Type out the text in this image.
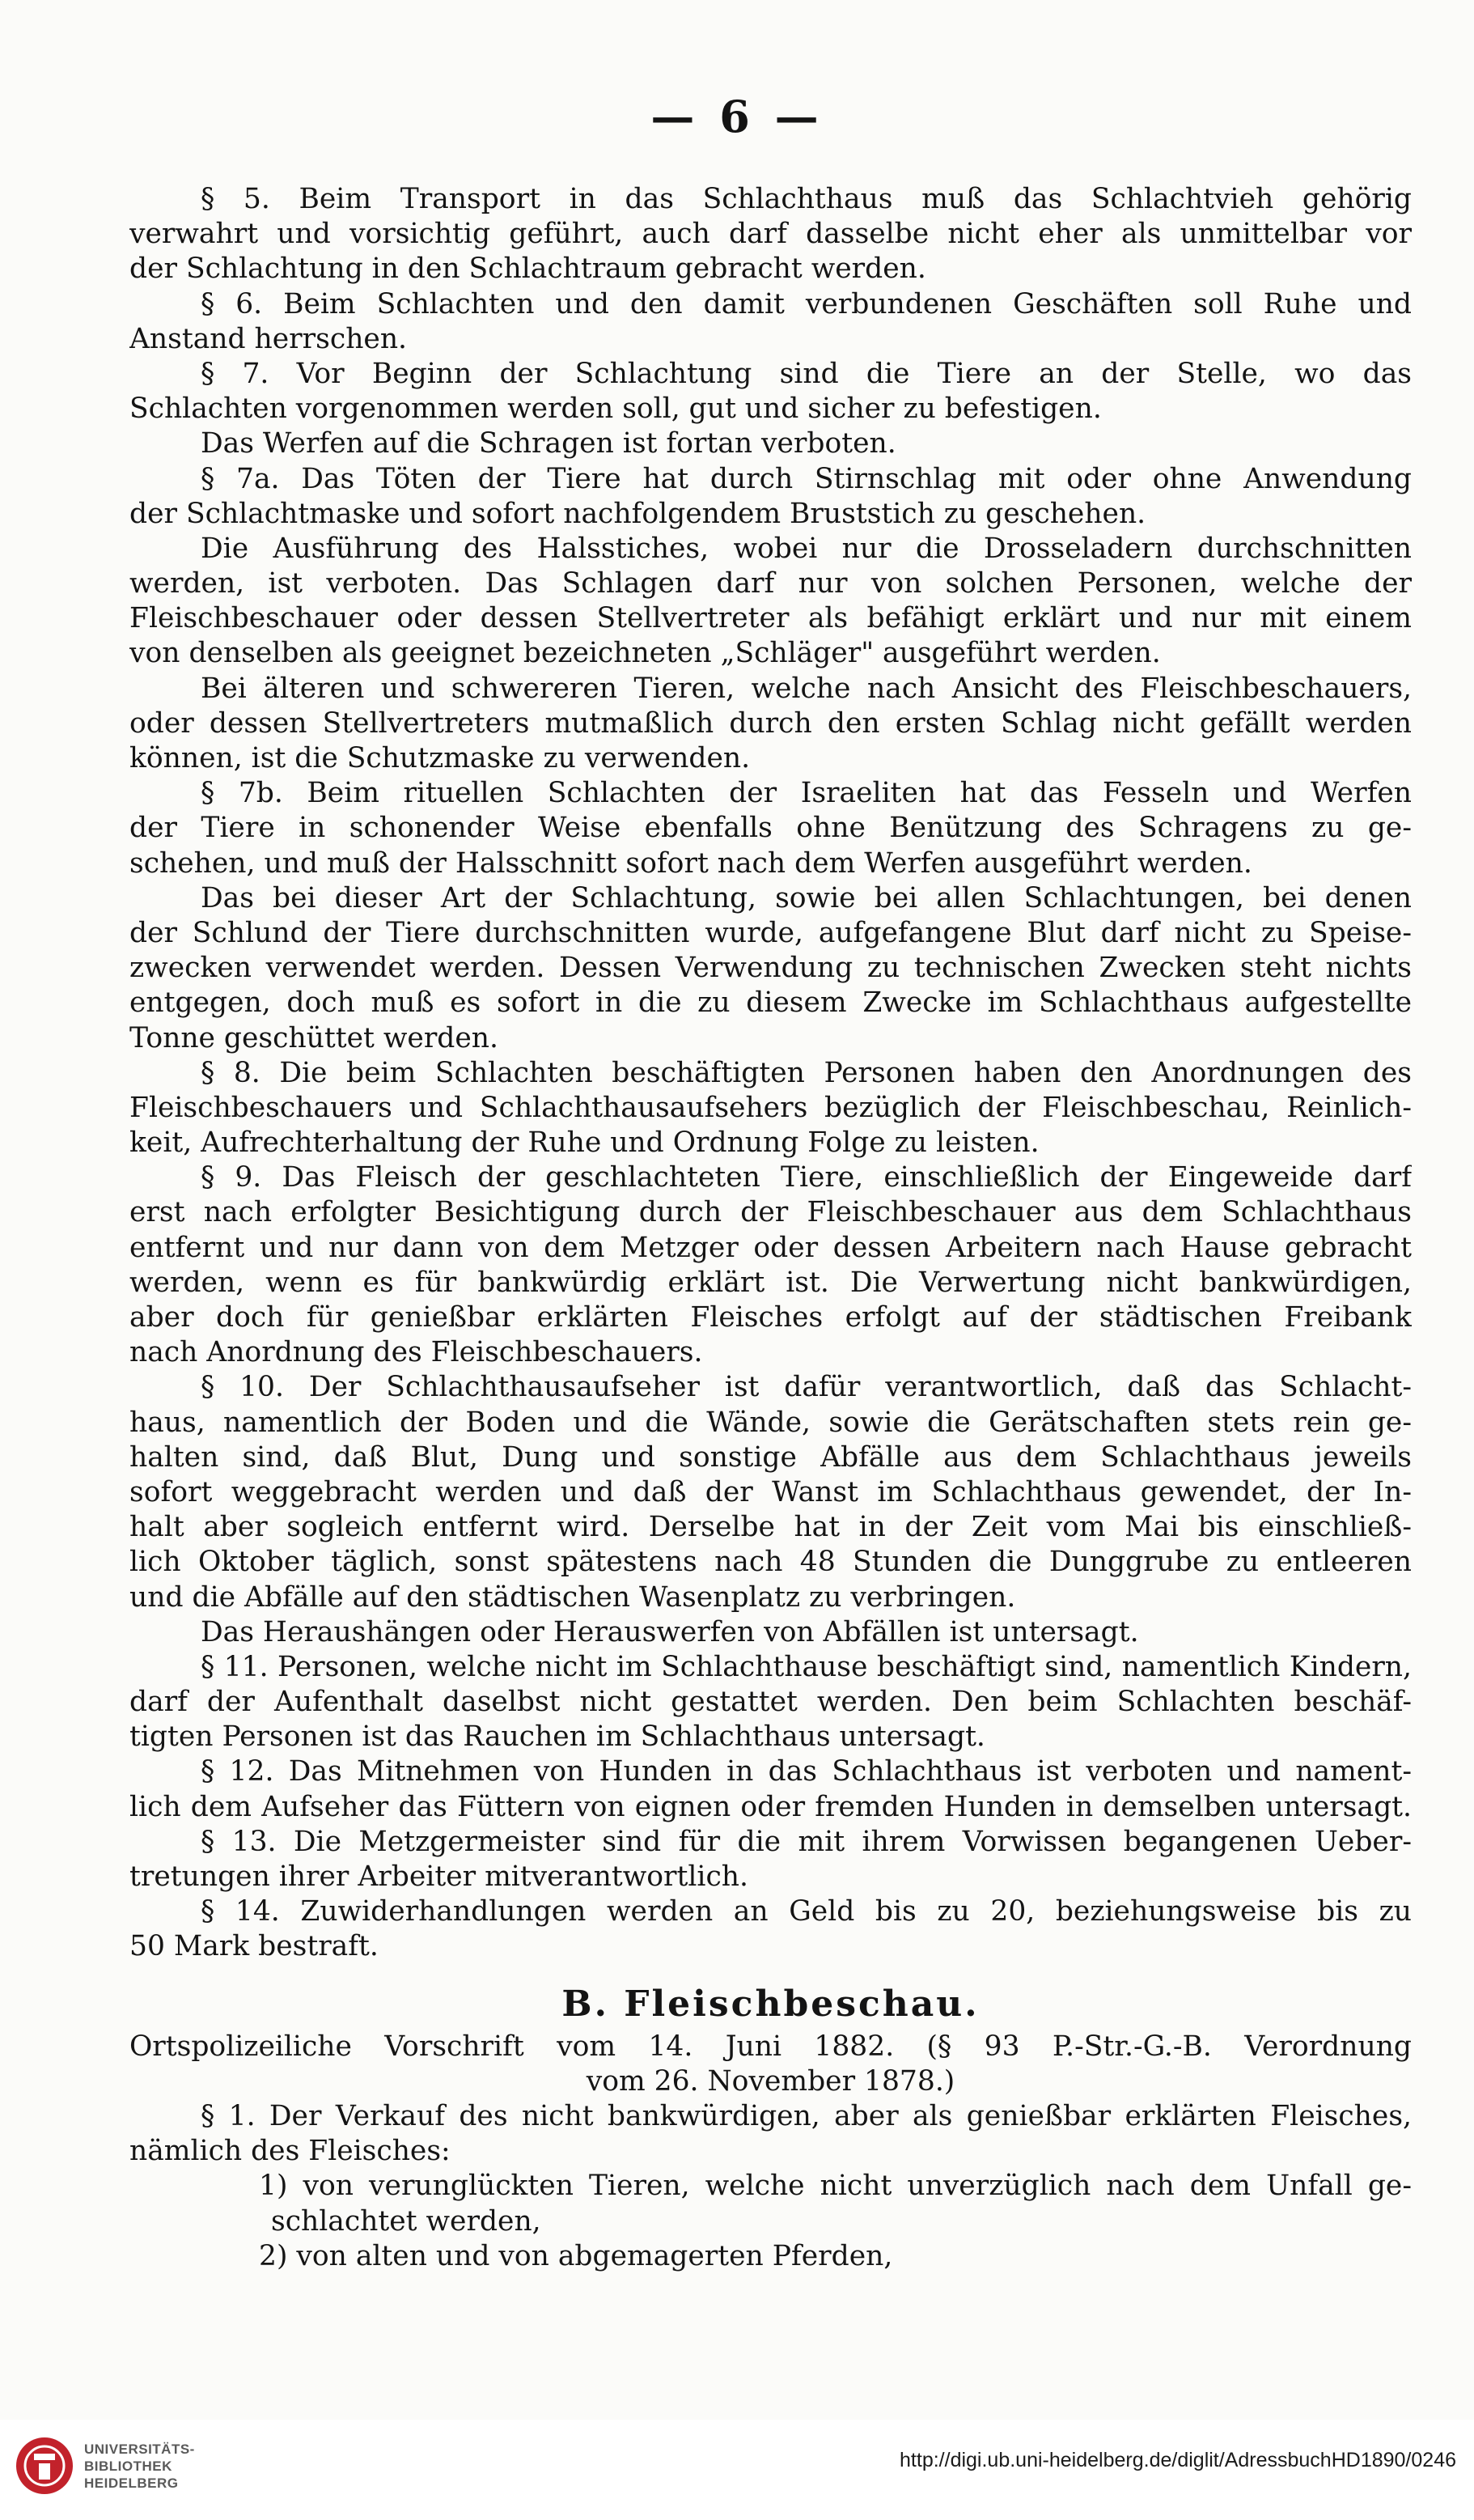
— 6 —
§ 5. Beim Transport in das Schlachthaus muß das Schlachtvieh gehörig
verwahrt und vorsichtig geführt, auch darf dasselbe nicht eher als unmittelbar vor
der Schlachtung in den Schlachtraum gebracht werden.
§ 6. Beim Schlachten und den damit verbundenen Geschäften soll Ruhe und
Anstand herrschen.
§ 7. Vor Beginn der Schlachtung sind die Tiere an der Stelle, wo das
Schlachten vorgenommen werden soll, gut und sicher zu befestigen.
Das Werfen auf die Schragen ist fortan verboten.
§ 7a. Das Töten der Tiere hat durch Stirnschlag mit oder ohne Anwendung
der Schlachtmaske und sofort nachfolgendem Bruststich zu geschehen.
Die Ausführung des Halsstiches, wobei nur die Drosseladern durchschnitten
werden, ist verboten. Das Schlagen darf nur von solchen Personen, welche der
Fleischbeschauer oder dessen Stellvertreter als befähigt erklärt und nur mit einem
von denselben als geeignet bezeichneten „Schläger" ausgeführt werden.
Bei älteren und schwereren Tieren, welche nach Ansicht des Fleischbeschauers,
oder dessen Stellvertreters mutmaßlich durch den ersten Schlag nicht gefällt werden
können, ist die Schutzmaske zu verwenden.
§ 7b. Beim rituellen Schlachten der Israeliten hat das Fesseln und Werfen
der Tiere in schonender Weise ebenfalls ohne Benützung des Schragens zu ge-
schehen, und muß der Halsschnitt sofort nach dem Werfen ausgeführt werden.
Das bei dieser Art der Schlachtung, sowie bei allen Schlachtungen, bei denen
der Schlund der Tiere durchschnitten wurde, aufgefangene Blut darf nicht zu Speise-
zwecken verwendet werden. Dessen Verwendung zu technischen Zwecken steht nichts
entgegen, doch muß es sofort in die zu diesem Zwecke im Schlachthaus aufgestellte
Tonne geschüttet werden.
§ 8. Die beim Schlachten beschäftigten Personen haben den Anordnungen des
Fleischbeschauers und Schlachthausaufsehers bezüglich der Fleischbeschau, Reinlich-
keit, Aufrechterhaltung der Ruhe und Ordnung Folge zu leisten.
§ 9. Das Fleisch der geschlachteten Tiere, einschließlich der Eingeweide darf
erst nach erfolgter Besichtigung durch der Fleischbeschauer aus dem Schlachthaus
entfernt und nur dann von dem Metzger oder dessen Arbeitern nach Hause gebracht
werden, wenn es für bankwürdig erklärt ist. Die Verwertung nicht bankwürdigen,
aber doch für genießbar erklärten Fleisches erfolgt auf der städtischen Freibank
nach Anordnung des Fleischbeschauers.
§ 10. Der Schlachthausaufseher ist dafür verantwortlich, daß das Schlacht-
haus, namentlich der Boden und die Wände, sowie die Gerätschaften stets rein ge-
halten sind, daß Blut, Dung und sonstige Abfälle aus dem Schlachthaus jeweils
sofort weggebracht werden und daß der Wanst im Schlachthaus gewendet, der In-
halt aber sogleich entfernt wird. Derselbe hat in der Zeit vom Mai bis einschließ-
lich Oktober täglich, sonst spätestens nach 48 Stunden die Dunggrube zu entleeren
und die Abfälle auf den städtischen Wasenplatz zu verbringen.
Das Heraushängen oder Herauswerfen von Abfällen ist untersagt.
§ 11. Personen, welche nicht im Schlachthause beschäftigt sind, namentlich Kindern,
darf der Aufenthalt daselbst nicht gestattet werden. Den beim Schlachten beschäf-
tigten Personen ist das Rauchen im Schlachthaus untersagt.
§ 12. Das Mitnehmen von Hunden in das Schlachthaus ist verboten und nament-
lich dem Aufseher das Füttern von eignen oder fremden Hunden in demselben untersagt.
§ 13. Die Metzgermeister sind für die mit ihrem Vorwissen begangenen Ueber-
tretungen ihrer Arbeiter mitverantwortlich.
§ 14. Zuwiderhandlungen werden an Geld bis zu 20, beziehungsweise bis zu
50 Mark bestraft.
B. Fleischbeschau.
Ortspolizeiliche Vorschrift vom 14. Juni 1882. (§ 93 P.-Str.-G.-B. Verordnung
vom 26. November 1878.)
§ 1. Der Verkauf des nicht bankwürdigen, aber als genießbar erklärten Fleisches,
nämlich des Fleisches:
1) von verunglückten Tieren, welche nicht unverzüglich nach dem Unfall ge-
schlachtet werden,
2) von alten und von abgemagerten Pferden,
UNIVERSITÄTS-
BIBLIOTHEK
HEIDELBERG
http://digi.ub.uni-heidelberg.de/diglit/AdressbuchHD1890/0246
